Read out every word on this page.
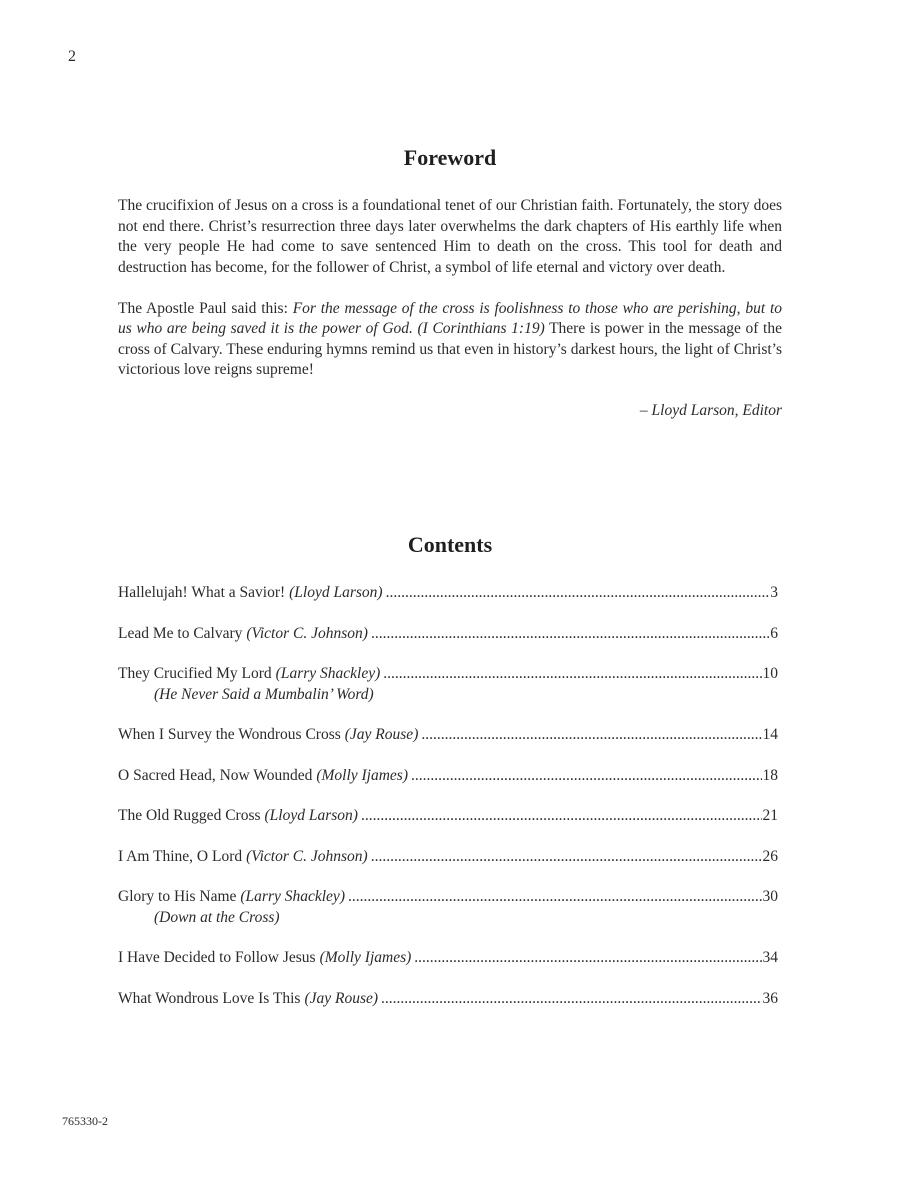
2
Foreword

The crucifixion of Jesus on a cross is a foundational tenet of our Christian faith. Fortunately, the story does not end there. Christ’s resurrection three days later overwhelms the dark chapters of His earthly life when the very people He had come to save sentenced Him to death on the cross. This tool for death and destruction has become, for the follower of Christ, a symbol of life eternal and victory over death.

The Apostle Paul said this: For the message of the cross is foolishness to those who are perishing, but to us who are being saved it is the power of God. (I Corinthians 1:19) There is power in the message of the cross of Calvary. These enduring hymns remind us that even in history’s darkest hours, the light of Christ’s victorious love reigns supreme!

– Lloyd Larson, Editor

Contents
Hallelujah! What a Savior! (Lloyd Larson) .....	3
Lead Me to Calvary (Victor C. Johnson) .....	6
They Crucified My Lord (Larry Shackley) .....	10
(He Never Said a Mumbalin’ Word)
When I Survey the Wondrous Cross (Jay Rouse) .....	14
O Sacred Head, Now Wounded (Molly Ijames) .....	18
The Old Rugged Cross (Lloyd Larson) .....	21
I Am Thine, O Lord (Victor C. Johnson) .....	26
Glory to His Name (Larry Shackley) .....	30
(Down at the Cross)
I Have Decided to Follow Jesus (Molly Ijames) .....	34
What Wondrous Love Is This (Jay Rouse) .....	36
765330-2
